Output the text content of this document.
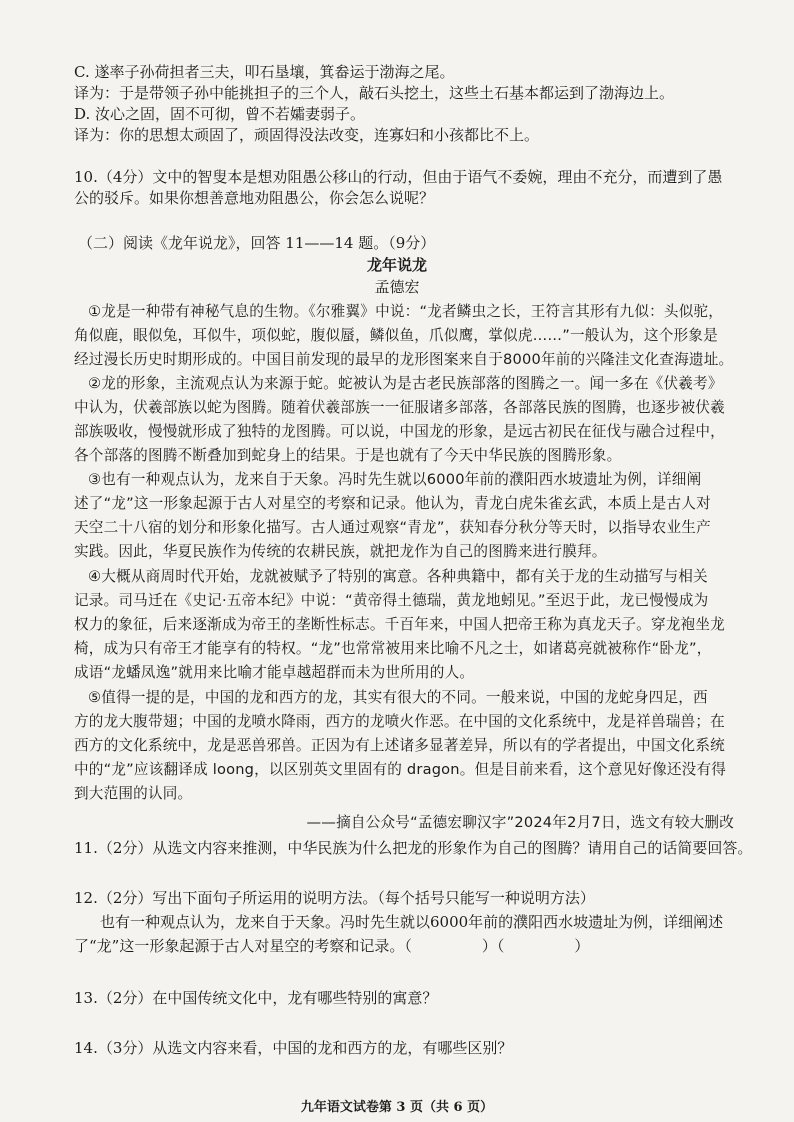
C. 遂率子孙荷担者三夫，叩石垦壤，箕畚运于渤海之尾。
译为：于是带领子孙中能挑担子的三个人，敲石头挖土，这些土石基本都运到了渤海边上。
D. 汝心之固，固不可彻，曾不若孀妻弱子。
译为：你的思想太顽固了，顽固得没法改变，连寡妇和小孩都比不上。
10.（4分）文中的智叟本是想劝阻愚公移山的行动，但由于语气不委婉，理由不充分，而遭到了愚
公的驳斥。如果你想善意地劝阻愚公，你会怎么说呢？
（二）阅读《龙年说龙》，回答 11——14 题。（9分）
龙年说龙
孟德宏
①龙是一种带有神秘气息的生物。《尔雅翼》中说：“龙者鳞虫之长，王符言其形有九似：头似驼，
角似鹿，眼似兔，耳似牛，项似蛇，腹似蜃，鳞似鱼，爪似鹰，掌似虎……”一般认为，这个形象是
经过漫长历史时期形成的。中国目前发现的最早的龙形图案来自于8000年前的兴隆洼文化查海遗址。
②龙的形象，主流观点认为来源于蛇。蛇被认为是古老民族部落的图腾之一。闻一多在《伏羲考》
中认为，伏羲部族以蛇为图腾。随着伏羲部族一一征服诸多部落，各部落民族的图腾，也逐步被伏羲
部族吸收，慢慢就形成了独特的龙图腾。可以说，中国龙的形象，是远古初民在征伐与融合过程中，
各个部落的图腾不断叠加到蛇身上的结果。于是也就有了今天中华民族的图腾形象。
③也有一种观点认为，龙来自于天象。冯时先生就以6000年前的濮阳西水坡遗址为例，详细阐
述了“龙”这一形象起源于古人对星空的考察和记录。他认为，青龙白虎朱雀玄武，本质上是古人对
天空二十八宿的划分和形象化描写。古人通过观察“青龙”，获知春分秋分等天时，以指导农业生产
实践。因此，华夏民族作为传统的农耕民族，就把龙作为自己的图腾来进行膜拜。
④大概从商周时代开始，龙就被赋予了特别的寓意。各种典籍中，都有关于龙的生动描写与相关
记录。司马迁在《史记·五帝本纪》中说：“黄帝得土德瑞，黄龙地蚓见。”至迟于此，龙已慢慢成为
权力的象征，后来逐渐成为帝王的垄断性标志。千百年来，中国人把帝王称为真龙天子。穿龙袍坐龙
椅，成为只有帝王才能享有的特权。“龙”也常常被用来比喻不凡之士，如诸葛亮就被称作“卧龙”，
成语“龙蟠凤逸”就用来比喻才能卓越超群而未为世所用的人。
⑤值得一提的是，中国的龙和西方的龙，其实有很大的不同。一般来说，中国的龙蛇身四足，西
方的龙大腹带翅；中国的龙喷水降雨，西方的龙喷火作恶。在中国的文化系统中，龙是祥兽瑞兽；在
西方的文化系统中，龙是恶兽邪兽。正因为有上述诸多显著差异，所以有的学者提出，中国文化系统
中的“龙”应该翻译成 loong，以区别英文里固有的 dragon。但是目前来看，这个意见好像还没有得
到大范围的认同。
——摘自公众号“孟德宏聊汉字”2024年2月7日，选文有较大删改
11.（2分）从选文内容来推测，中华民族为什么把龙的形象作为自己的图腾？请用自己的话简要回答。
12.（2分）写出下面句子所运用的说明方法。（每个括号只能写一种说明方法）
也有一种观点认为，龙来自于天象。冯时先生就以6000年前的濮阳西水坡遗址为例，详细阐述
了“龙”这一形象起源于古人对星空的考察和记录。（	）（	）
13.（2分）在中国传统文化中，龙有哪些特别的寓意？
14.（3分）从选文内容来看，中国的龙和西方的龙，有哪些区别？
九年语文试卷第 3 页（共 6 页）
